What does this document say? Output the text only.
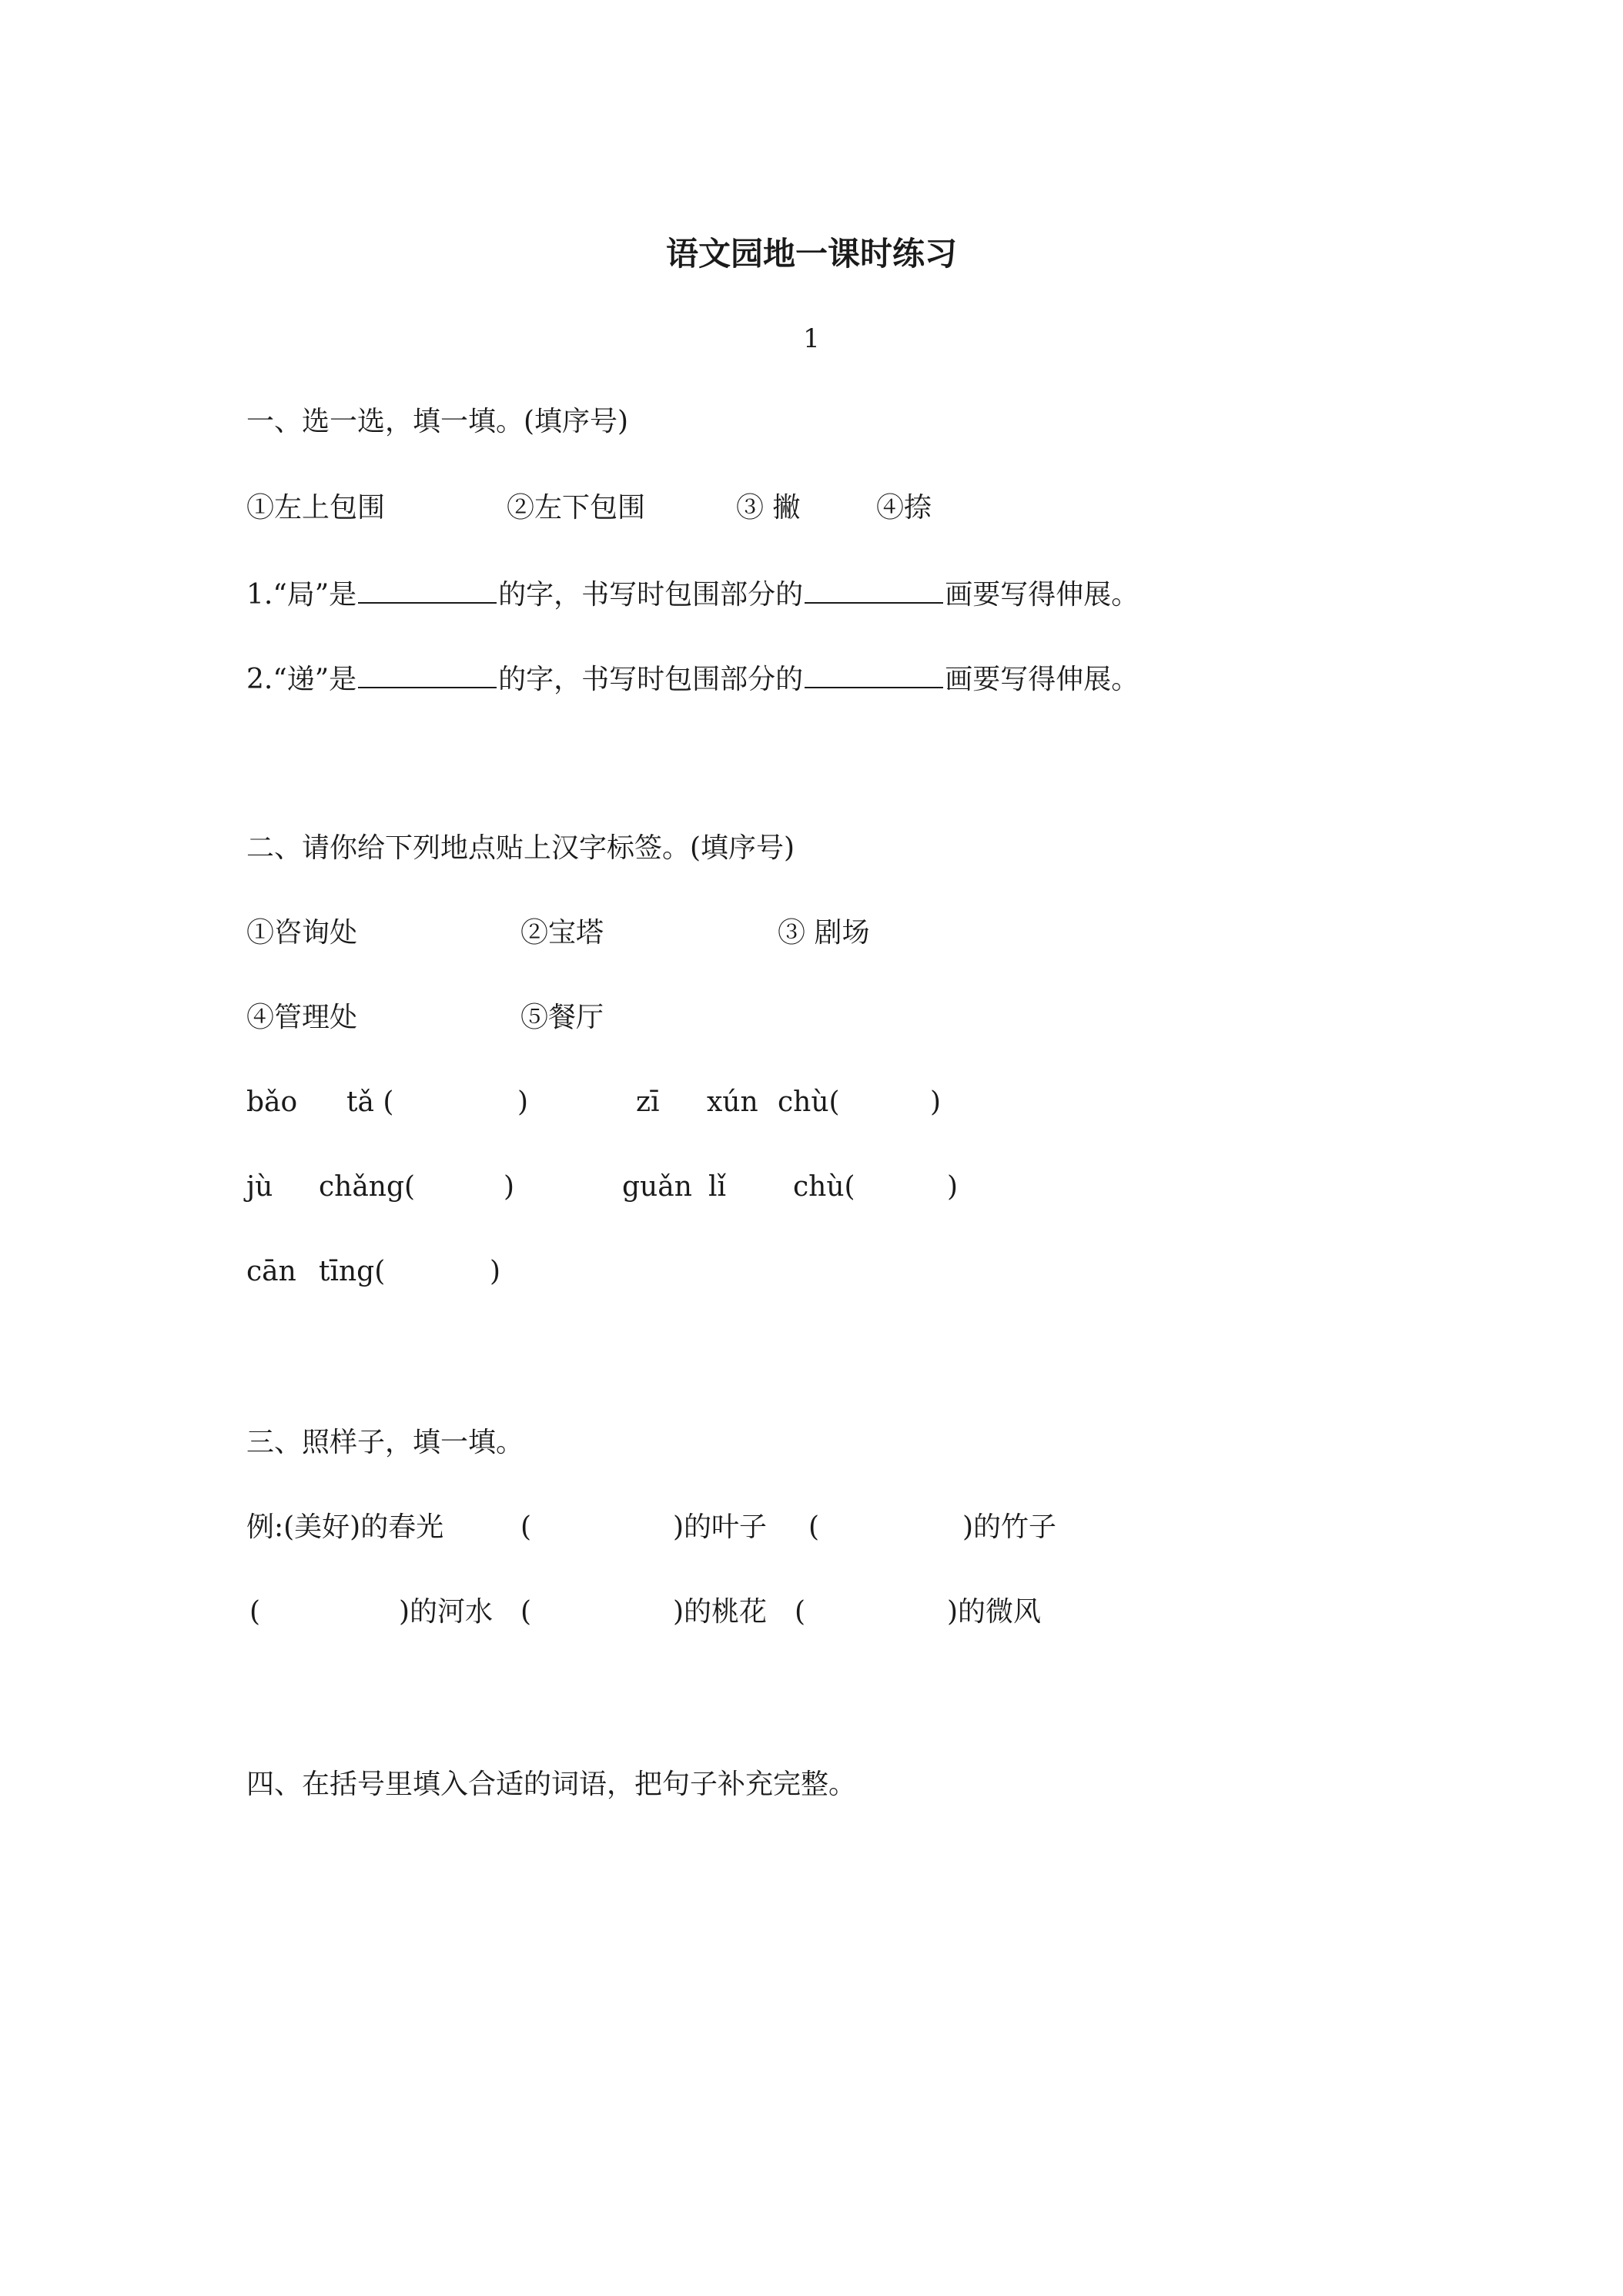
语文园地一课时练习
1
一、选一选，填一填。(填序号)

①左上包围

	②左下包围

	③ 撇

	④捺

1.“局”是	的字，书写时包围部分的	画要写得伸展。
2.“递”是	的字，书写时包围部分的	画要写得伸展。
二、请你给下列地点贴上汉字标签。(填序号)

①咨询处

	②宝塔

	③ 剧场

④管理处

	⑤餐厅

bǎo

tǎ (

	)

	zī

xún

chù(

	)

jù

chǎng(

	)

	guǎn

lǐ

chù(

	)

cān

tīng(

	)

三、照样子，填一填。

例:(美好)的春光

	(

	)的叶子

(

	)的竹子

(

	)的河水

(

	)的桃花

(

	)的微风

四、在括号里填入合适的词语，把句子补充完整。
